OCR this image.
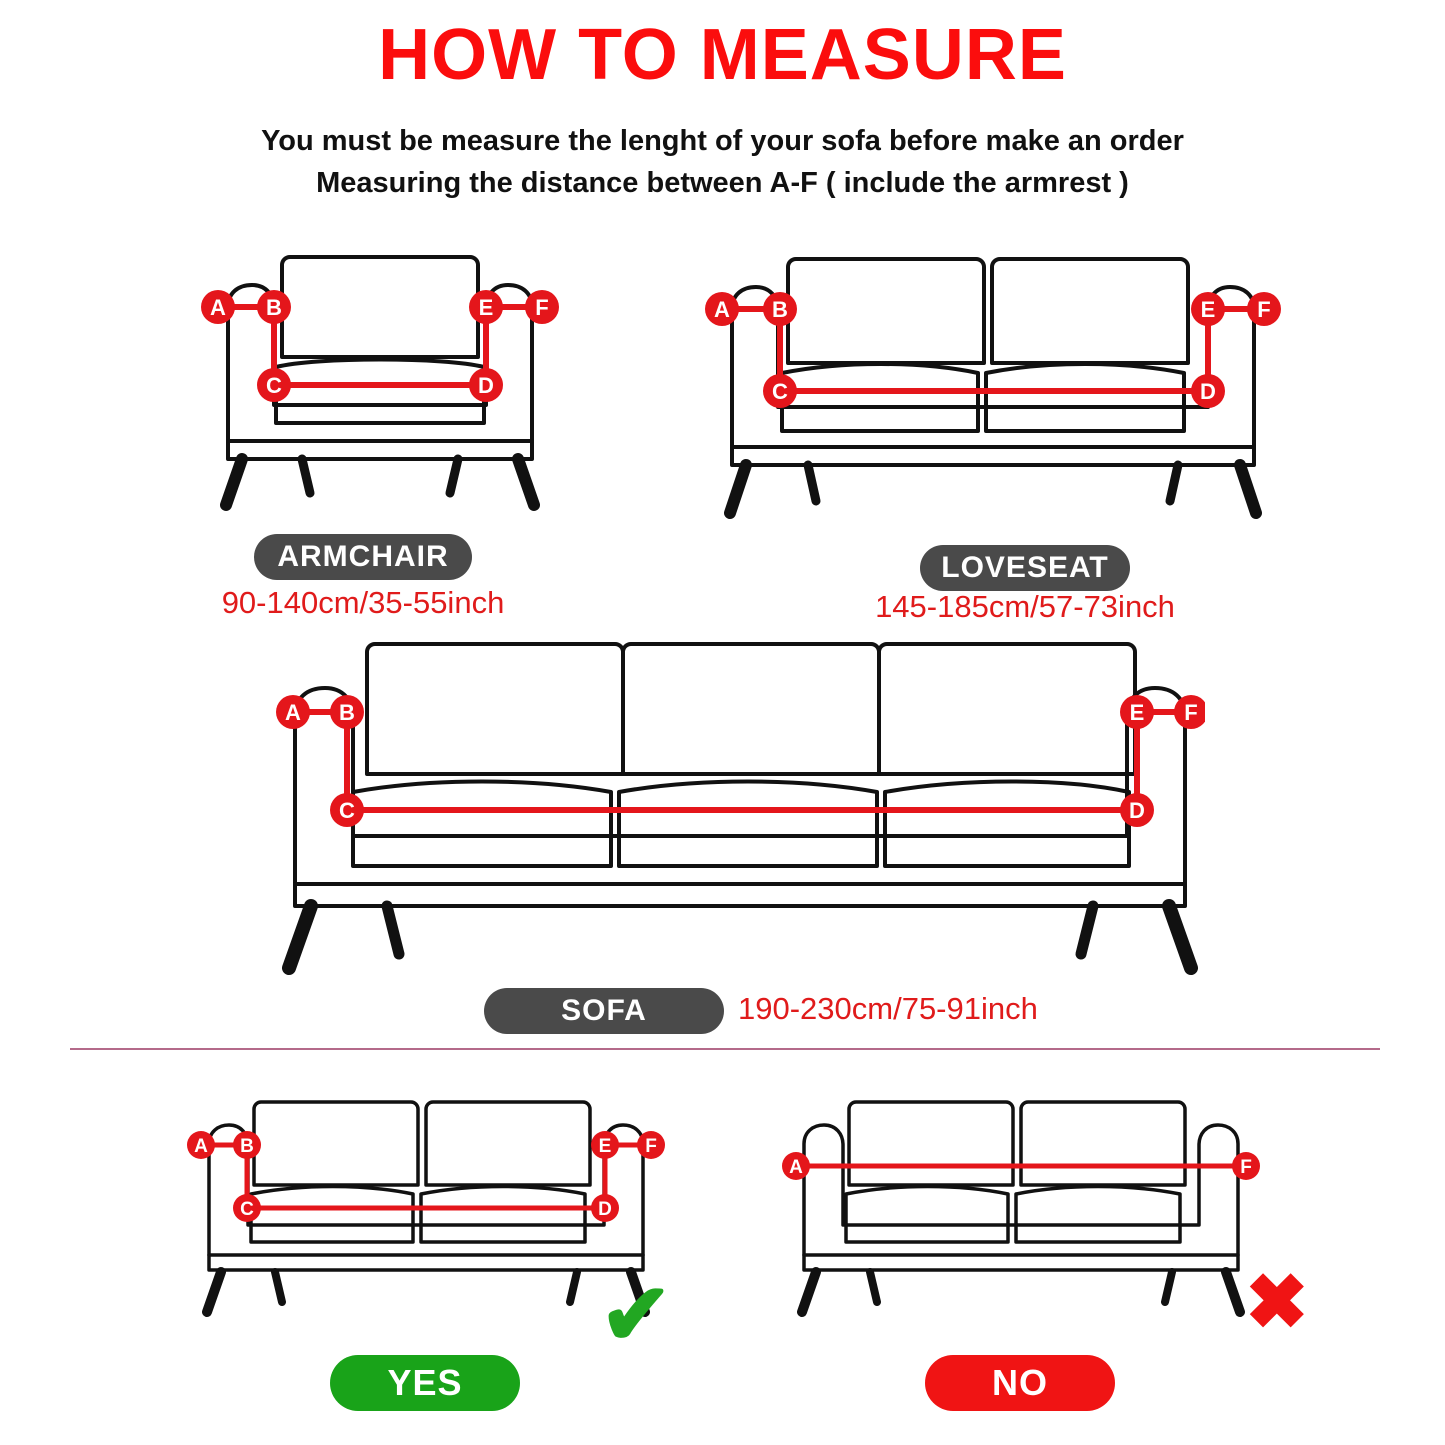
HOW TO MEASURE
You must be measure the lenght of your sofa before make an order
Measuring the distance between A-F ( include the armrest )
A B
C	D
E F
ARMCHAIR
90-140cm/35-55inch
A B
C	D
E F
LOVESEAT
145-185cm/57-73inch
A B
C	D
E F
SOFA	190-230cm/75-91inch
A B
C	D
E F
✔
YES
A	F
✖
NO
